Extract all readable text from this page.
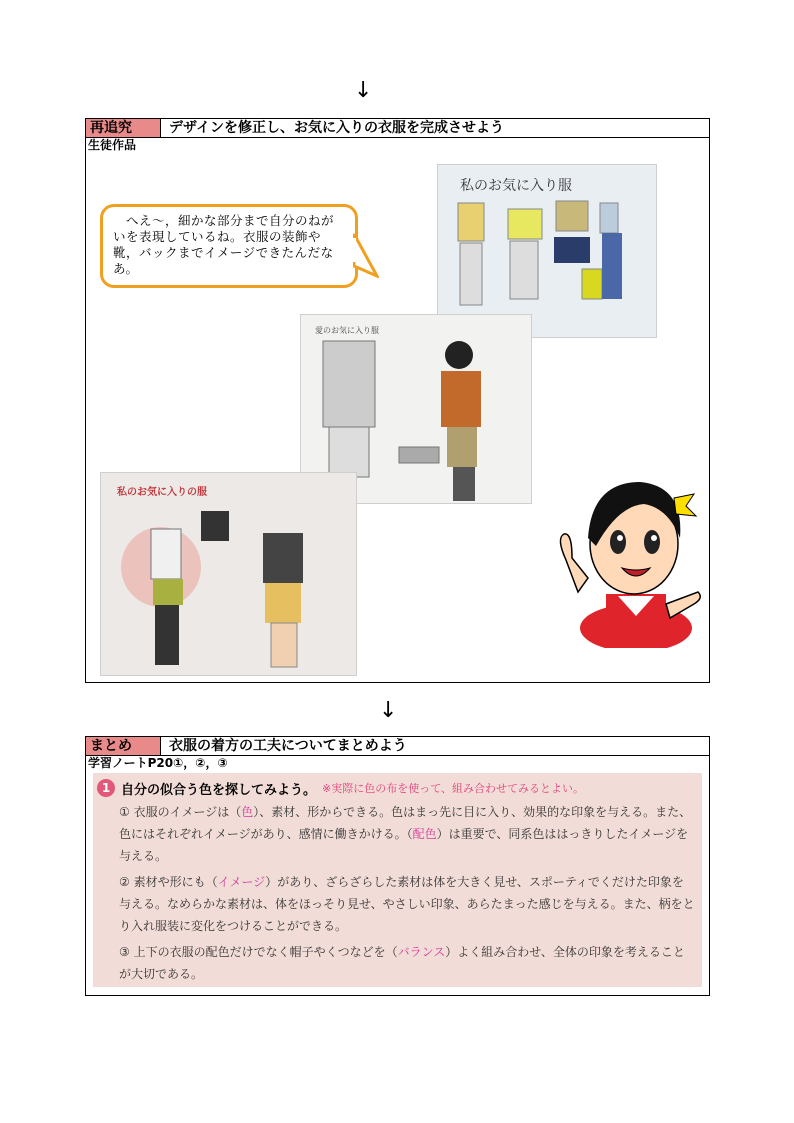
↓
再追究	デザインを修正し、お気に入りの衣服を完成させよう
生徒作品
　へえ～，細かな部分まで自分のねがいを表現しているね。衣服の装飾や靴，バックまでイメージできたんだなあ。
私のお気に入り服
愛のお気に入り服
私のお気に入りの服
↓
まとめ	衣服の着方の工夫についてまとめよう
学習ノートP20①，②，③
1 自分の似合う色を探してみよう。 ※実際に色の布を使って、組み合わせてみるとよい。
① 衣服のイメージは（色）、素材、形からできる。色はまっ先に目に入り、効果的な印象を与える。また、色にはそれぞれイメージがあり、感情に働きかける。（配色）は重要で、同系色ははっきりしたイメージを与える。
② 素材や形にも（イメージ）があり、ざらざらした素材は体を大きく見せ、スポーティでくだけた印象を与える。なめらかな素材は、体をほっそり見せ、やさしい印象、あらたまった感じを与える。また、柄をとり入れ服装に変化をつけることができる。
③ 上下の衣服の配色だけでなく帽子やくつなどを（バランス）よく組み合わせ、全体の印象を考えることが大切である。
